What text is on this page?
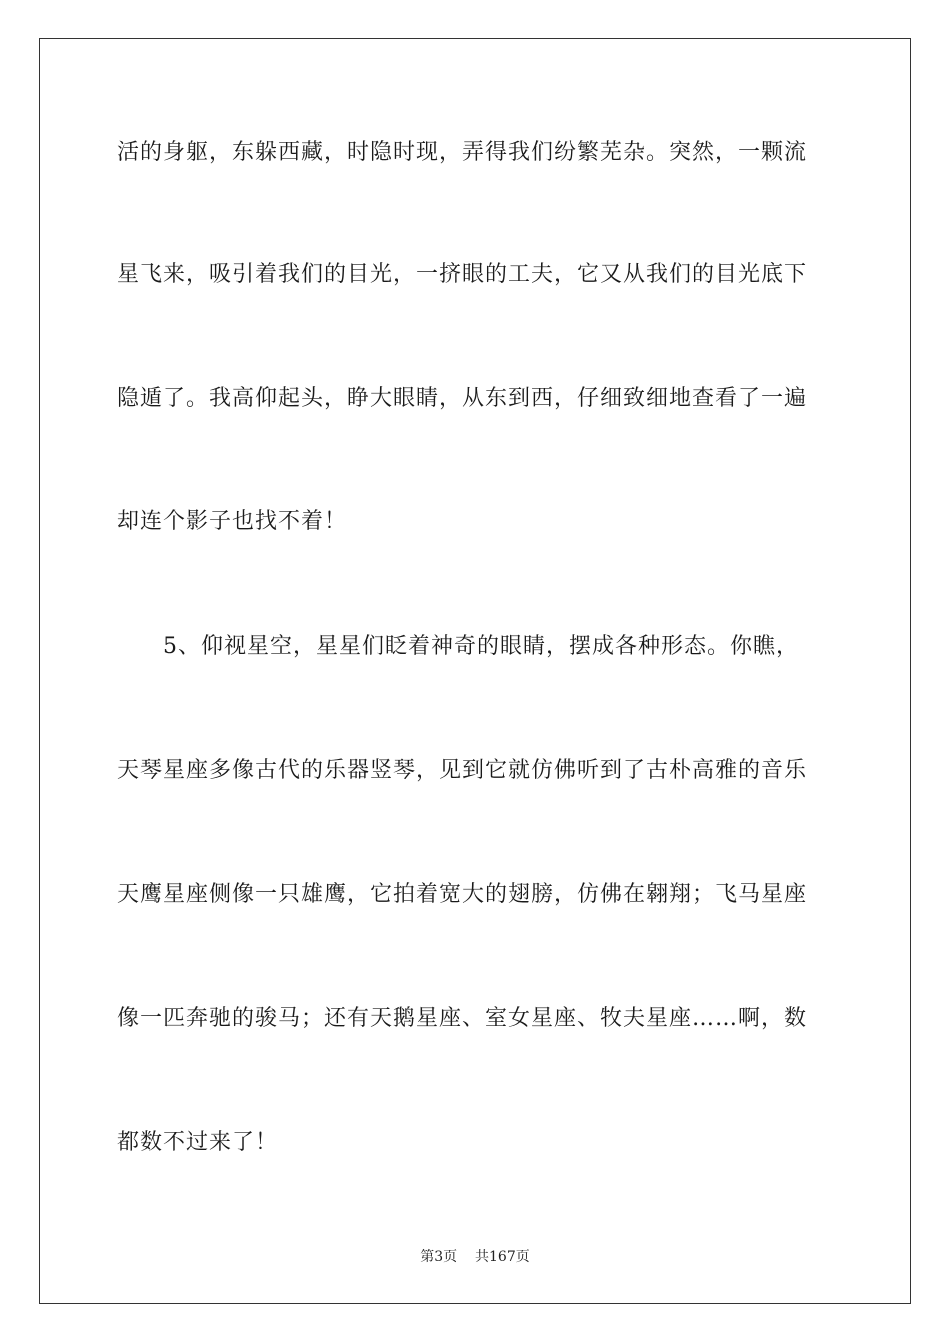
活的身躯，东躲西藏，时隐时现，弄得我们纷繁芜杂。突然，一颗流
星飞来，吸引着我们的目光，一挤眼的工夫，它又从我们的目光底下
隐遁了。我高仰起头，睁大眼睛，从东到西，仔细致细地查看了一遍
却连个影子也找不着！
　　5、仰视星空，星星们眨着神奇的眼睛，摆成各种形态。你瞧，
天琴星座多像古代的乐器竖琴，见到它就仿佛听到了古朴高雅的音乐
天鹰星座侧像一只雄鹰，它拍着宽大的翅膀，仿佛在翱翔；飞马星座
像一匹奔驰的骏马；还有天鹅星座、室女星座、牧夫星座……啊，数
都数不过来了！
第3页 共167页
